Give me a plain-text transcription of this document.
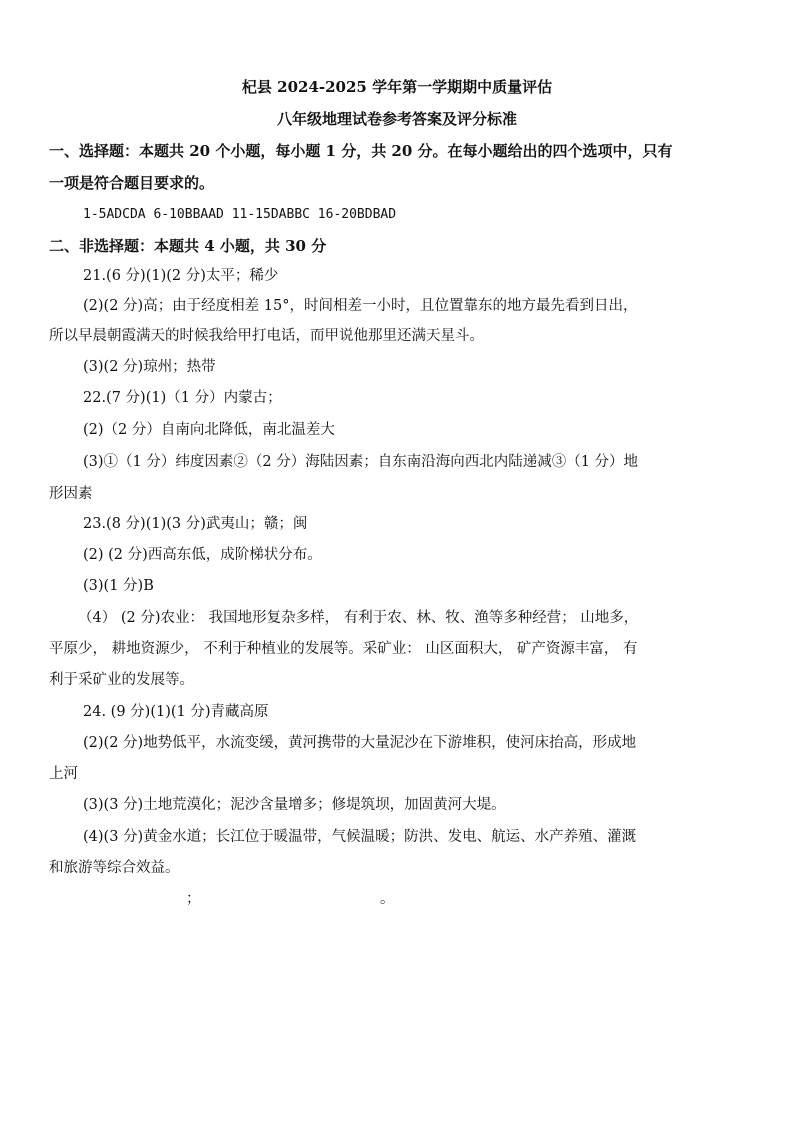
杞县 2024-2025 学年第一学期期中质量评估
八年级地理试卷参考答案及评分标准
一、选择题：本题共 20 个小题，每小题 1 分，共 20 分。在每小题给出的四个选项中，只有
一项是符合题目要求的。
1-5ADCDA 6-10BBAAD 11-15DABBC 16-20BDBAD
二、非选择题：本题共 4 小题，共 30 分
21.(6 分)(1)(2 分)太平；稀少
(2)(2 分)高；由于经度相差 15°，时间相差一小时，且位置靠东的地方最先看到日出，
所以早晨朝霞满天的时候我给甲打电话，而甲说他那里还满天星斗。
(3)(2 分)琼州；热带
22.(7 分)(1)（1 分）内蒙古；
(2)（2 分）自南向北降低，南北温差大
(3)①（1 分）纬度因素②（2 分）海陆因素；自东南沿海向西北内陆递减③（1 分）地
形因素
23.(8 分)(1)(3 分)武夷山；赣；闽
(2) (2 分)西高东低，成阶梯状分布。
(3)(1 分)B
（4） (2 分)农业： 我国地形复杂多样， 有利于农、林、牧、渔等多种经营； 山地多，
平原少， 耕地资源少， 不利于种植业的发展等。采矿业： 山区面积大， 矿产资源丰富， 有
利于采矿业的发展等。
24. (9 分)(1)(1 分)青藏高原
(2)(2 分)地势低平，水流变缓，黄河携带的大量泥沙在下游堆积，使河床抬高，形成地
上河
(3)(3 分)土地荒漠化；泥沙含量增多；修堤筑坝，加固黄河大堤。
(4)(3 分)黄金水道；长江位于暖温带，气候温暖；防洪、发电、航运、水产养殖、灌溉
和旅游等综合效益。
；	。
